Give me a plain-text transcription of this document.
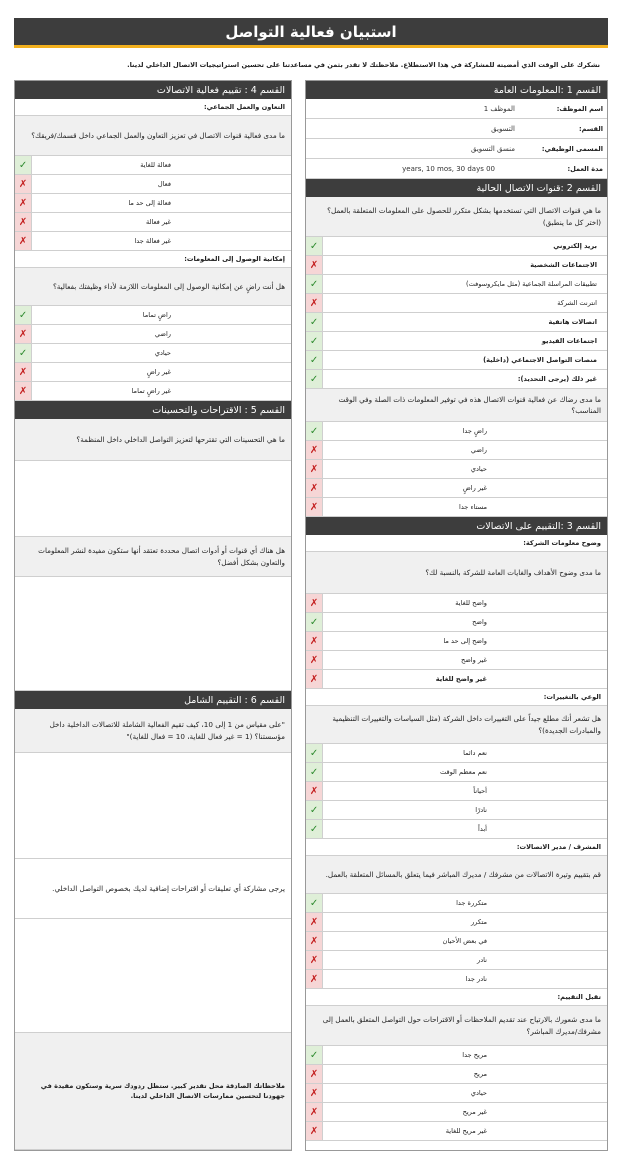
استبيان فعالية التواصل
نشكرك على الوقت الذي أمضيته للمشاركة في هذا الاستطلاع. ملاحظتك لا تقدر بثمن في مساعدتنا على تحسين استراتيجيات الاتصال الداخلي لدينا.
القسم 1 :المعلومات العامة
اسم الموظف:
الموظف 1
القسم:
التسويق
المسمى الوظيفي:
منسق التسويق
مدة العمل:
years, 10 mos, 30 days 00
القسم 2 :قنوات الاتصال الحالية
ما هي قنوات الاتصال التي تستخدمها بشكل متكرر للحصول على المعلومات المتعلقة بالعمل؟ (اختر كل ما ينطبق)
بريد إلكتروني
✓
الاجتماعات الشخصية
✗
تطبيقات المراسلة الجماعية (مثل مايكروسوفت)
✓
انترنت الشركة
✗
اتصالات هاتفية
✓
اجتماعات الفيديو
✓
منصات التواصل الاجتماعي (داخلية)
✓
غير ذلك (يرجى التحديد):
✓
ما مدى رضاك عن فعالية قنوات الاتصال هذه في توفير المعلومات ذات الصلة وفي الوقت المناسب؟
راضٍ جدا
✓
راضي
✗
حيادي
✗
غير راضٍ
✗
مستاء جدا
✗
القسم 3 :التقييم على الاتصالات
وضوح معلومات الشركة:
ما مدى وضوح الأهداف والغايات العامة للشركة بالنسبة لك؟
واضح للغاية
✗
واضح
✓
واضح إلى حد ما
✗
غير واضح
✗
غير واضح للغاية
✗
الوعي بالتغييرات:
هل تشعر أنك مطلع جيداً على التغييرات داخل الشركة (مثل السياسات والتغييرات التنظيمية والمبادرات الجديدة)؟
نعم دائما
✓
نعم معظم الوقت
✓
أحياناً
✗
نادرًا
✓
أبداً
✓
المشرف / مدير الاتصالات:
قم بتقييم وتيرة الاتصالات من مشرفك / مديرك المباشر فيما يتعلق بالمسائل المتعلقة بالعمل.
متكررة جدا
✓
متكرر
✗
في بعض الأحيان
✗
نادر
✗
نادر جدا
✗
تقبل التقييم:
ما مدى شعورك بالارتياح عند تقديم الملاحظات أو الاقتراحات حول التواصل المتعلق بالعمل إلى مشرفك/مديرك المباشر؟
مريح جدا
✓
مريح
✗
حيادي
✗
غير مريح
✗
غير مريح للغاية
✗
القسم 4 : تقييم فعالية الاتصالات
التعاون والعمل الجماعي:
ما مدى فعالية قنوات الاتصال في تعزيز التعاون والعمل الجماعي داخل قسمك/فريقك؟
فعالة للغاية
✓
فعال
✗
فعالة إلى حد ما
✗
غير فعالة
✗
غير فعالة جدا
✗
إمكانية الوصول إلى المعلومات:
هل أنت راضٍ عن إمكانية الوصول إلى المعلومات اللازمة لأداء وظيفتك بفعالية؟
راضٍ تماما
✓
راضي
✗
حيادي
✓
غير راضٍ
✗
غير راضٍ تماما
✗
القسم 5 : الاقتراحات والتحسينات
ما هي التحسينات التي تقترحها لتعزيز التواصل الداخلي داخل المنظمة؟
هل هناك أي قنوات أو أدوات اتصال محددة تعتقد أنها ستكون مفيدة لنشر المعلومات والتعاون بشكل أفضل؟
القسم 6 : التقييم الشامل
"على مقياس من 1 إلى 10، كيف تقيم الفعالية الشاملة للاتصالات الداخلية داخل مؤسستنا؟ (1 = غير فعال للغاية، 10 = فعال للغاية)"
يرجى مشاركة أي تعليقات أو اقتراحات إضافية لديك بخصوص التواصل الداخلي.
ملاحظاتك الصادقة محل تقدير كبير. ستظل ردودك سرية وستكون مفيدة في جهودنا لتحسين ممارسات الاتصال الداخلي لدينا.
